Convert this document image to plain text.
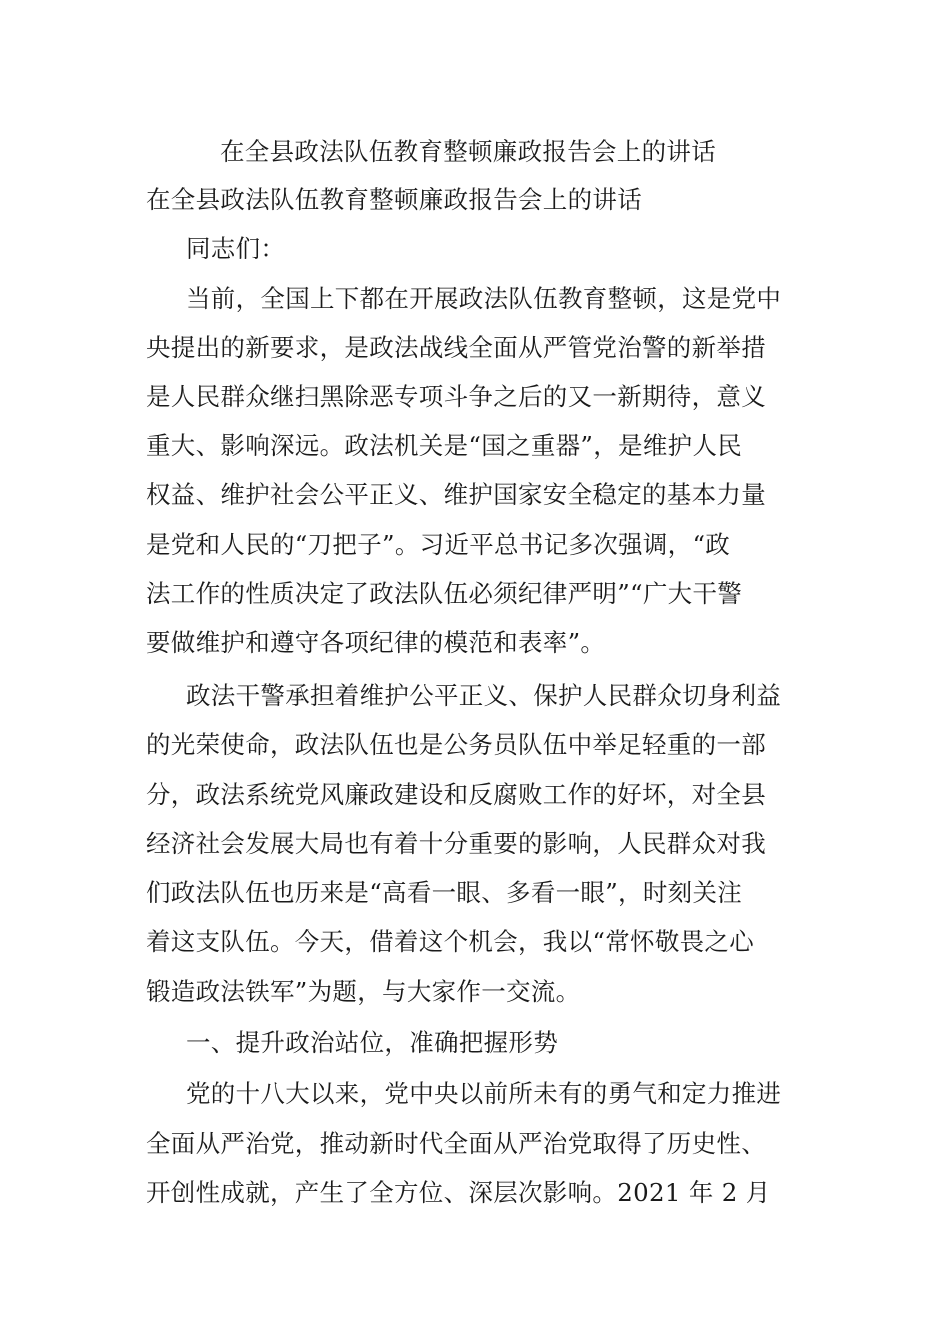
在全县政法队伍教育整顿廉政报告会上的讲话
在全县政法队伍教育整顿廉政报告会上的讲话
同志们：
当前，全国上下都在开展政法队伍教育整顿，这是党中
央提出的新要求，是政法战线全面从严管党治警的新举措
是人民群众继扫黑除恶专项斗争之后的又一新期待，意义
重大、影响深远。政法机关是“国之重器”，是维护人民
权益、维护社会公平正义、维护国家安全稳定的基本力量
是党和人民的“刀把子”。习近平总书记多次强调，“政
法工作的性质决定了政法队伍必须纪律严明”“广大干警
要做维护和遵守各项纪律的模范和表率”。
政法干警承担着维护公平正义、保护人民群众切身利益
的光荣使命，政法队伍也是公务员队伍中举足轻重的一部
分，政法系统党风廉政建设和反腐败工作的好坏，对全县
经济社会发展大局也有着十分重要的影响，人民群众对我
们政法队伍也历来是“高看一眼、多看一眼”，时刻关注
着这支队伍。今天，借着这个机会，我以“常怀敬畏之心
锻造政法铁军”为题，与大家作一交流。
一、提升政治站位，准确把握形势
党的十八大以来，党中央以前所未有的勇气和定力推进
全面从严治党，推动新时代全面从严治党取得了历史性、
开创性成就，产生了全方位、深层次影响。2021 年 2 月
